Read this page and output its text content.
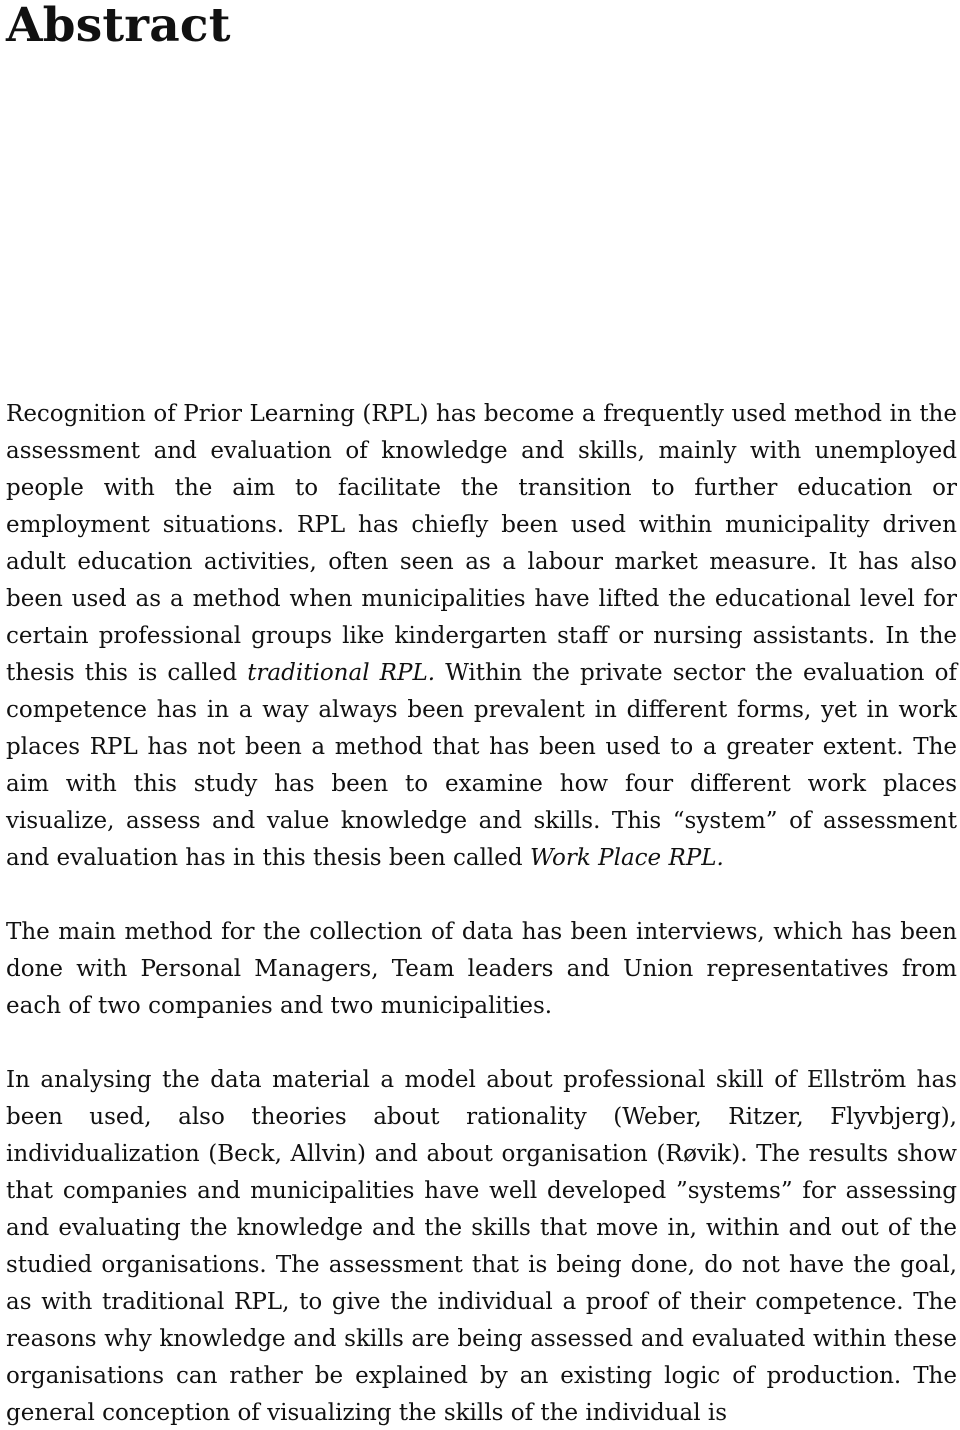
Abstract

Recognition of Prior Learning (RPL) has become a frequently used method in the assessment and evaluation of knowledge and skills, mainly with unemployed people with the aim to facilitate the transition to further education or employment situations. RPL has chiefly been used within municipality driven adult education activities, often seen as a labour market measure. It has also been used as a method when municipalities have lifted the educational level for certain professional groups like kindergarten staff or nursing assistants. In the thesis this is called traditional RPL. Within the private sector the evaluation of competence has in a way always been prevalent in different forms, yet in work places RPL has not been a method that has been used to a greater extent. The aim with this study has been to examine how four different work places visualize, assess and value knowledge and skills. This “system” of assessment and evaluation has in this thesis been called Work Place RPL.

The main method for the collection of data has been interviews, which has been done with Personal Managers, Team leaders and Union representatives from each of two companies and two municipalities.

In analysing the data material a model about professional skill of Ellström has been used, also theories about rationality (Weber, Ritzer, Flyvbjerg), individualization (Beck, Allvin) and about organisation (Røvik). The results show that companies and municipalities have well developed ”systems” for assessing and evaluating the knowledge and the skills that move in, within and out of the studied organisations. The assessment that is being done, do not have the goal, as with traditional RPL, to give the individual a proof of their competence. The reasons why knowledge and skills are being assessed and evaluated within these organisations can rather be explained by an existing logic of production. The general conception of visualizing the skills of the individual is
